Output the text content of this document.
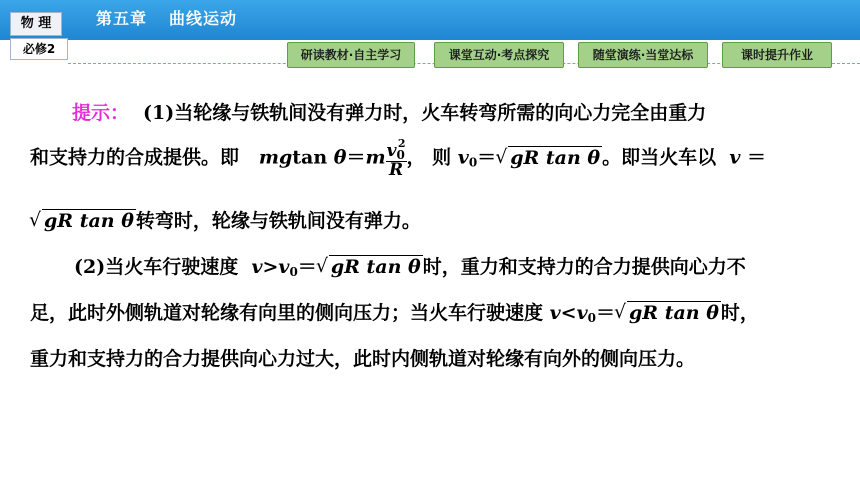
第五章 曲线运动
物 理
必修2	研读教材·自主学习	课堂互动·考点探究	随堂演练·当堂达标	课时提升作业
提示： (1)当轮缘与铁轨间没有弹力时，火车转弯所需的向心力完全由重力
和支持力的合成提供。即 mgtan $\theta=m \frac{v_0^2}{R}$ ， 则 $v_0=√$ gR tan θ 。即当火车以 v ＝
√ gR tan θ 转弯时，轮缘与铁轨间没有弹力。
(2)当火车行驶速度 $v>v_0=√$ gR tan θ 时，重力和支持力的合力提供向心力不
足，此时外侧轨道对轮缘有向里的侧向压力；当火车行驶速度 $v<v_0=√$ gR tan θ 时，
重力和支持力的合力提供向心力过大，此时内侧轨道对轮缘有向外的侧向压力。
